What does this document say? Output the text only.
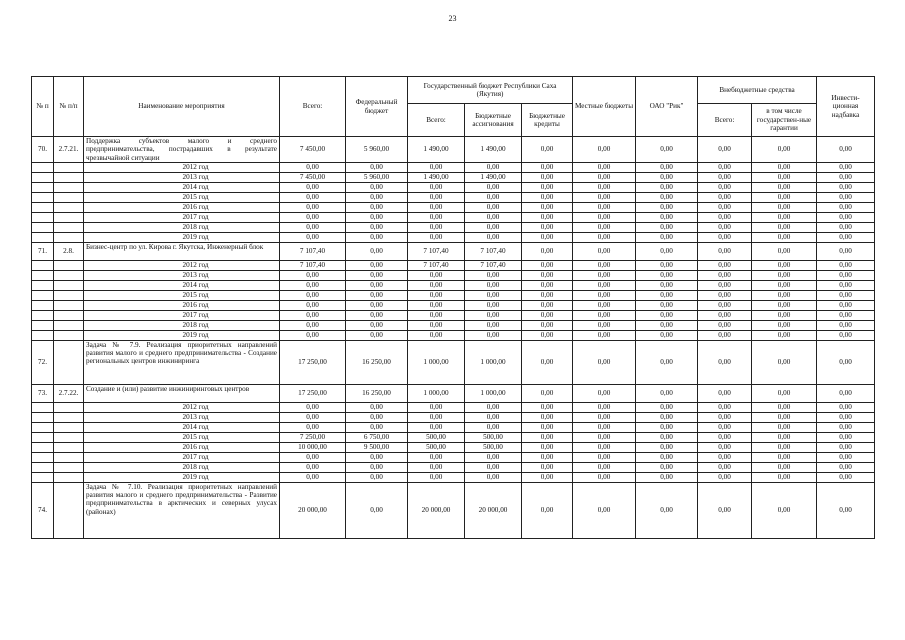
23
№ п	№ п/п	Наименование мероприятия	Всего:	Федеральный бюджет	Государственный бюджет Республики Саха (Якутия)			Местные бюджеты	ОАО "Рик"	Внебюджетные средства		Инвести-ционная надбавка
					Всего:	Бюджетные ассигнования	Бюджетные кредиты			Всего:	в том числе государствен-ные гарантии	
70.	2.7.21.	Поддержка субъектов малого и среднего предпринимательства, пострадавших в результате чрезвычайной ситуации	7 450,00	5 960,00	1 490,00	1 490,00	0,00	0,00	0,00	0,00	0,00	0,00
		2012 год	0,00	0,00	0,00	0,00	0,00	0,00	0,00	0,00	0,00	0,00
		2013 год	7 450,00	5 960,00	1 490,00	1 490,00	0,00	0,00	0,00	0,00	0,00	0,00
		2014 год	0,00	0,00	0,00	0,00	0,00	0,00	0,00	0,00	0,00	0,00
		2015 год	0,00	0,00	0,00	0,00	0,00	0,00	0,00	0,00	0,00	0,00
		2016 год	0,00	0,00	0,00	0,00	0,00	0,00	0,00	0,00	0,00	0,00
		2017 год	0,00	0,00	0,00	0,00	0,00	0,00	0,00	0,00	0,00	0,00
		2018 год	0,00	0,00	0,00	0,00	0,00	0,00	0,00	0,00	0,00	0,00
		2019 год	0,00	0,00	0,00	0,00	0,00	0,00	0,00	0,00	0,00	0,00
71.	2.8.	Бизнес-центр по ул. Кирова г. Якутска, Инженерный блок	7 107,40	0,00	7 107,40	7 107,40	0,00	0,00	0,00	0,00	0,00	0,00
		2012 год	7 107,40	0,00	7 107,40	7 107,40	0,00	0,00	0,00	0,00	0,00	0,00
		2013 год	0,00	0,00	0,00	0,00	0,00	0,00	0,00	0,00	0,00	0,00
		2014 год	0,00	0,00	0,00	0,00	0,00	0,00	0,00	0,00	0,00	0,00
		2015 год	0,00	0,00	0,00	0,00	0,00	0,00	0,00	0,00	0,00	0,00
		2016 год	0,00	0,00	0,00	0,00	0,00	0,00	0,00	0,00	0,00	0,00
		2017 год	0,00	0,00	0,00	0,00	0,00	0,00	0,00	0,00	0,00	0,00
		2018 год	0,00	0,00	0,00	0,00	0,00	0,00	0,00	0,00	0,00	0,00
		2019 год	0,00	0,00	0,00	0,00	0,00	0,00	0,00	0,00	0,00	0,00
72.		Задача № 7.9. Реализация приоритетных направлений развития малого и среднего предпринимательства - Создание региональных центров инжиниринга	17 250,00	16 250,00	1 000,00	1 000,00	0,00	0,00	0,00	0,00	0,00	0,00
73.	2.7.22.	Создание и (или) развитие инжиниринговых центров	17 250,00	16 250,00	1 000,00	1 000,00	0,00	0,00	0,00	0,00	0,00	0,00
		2012 год	0,00	0,00	0,00	0,00	0,00	0,00	0,00	0,00	0,00	0,00
		2013 год	0,00	0,00	0,00	0,00	0,00	0,00	0,00	0,00	0,00	0,00
		2014 год	0,00	0,00	0,00	0,00	0,00	0,00	0,00	0,00	0,00	0,00
		2015 год	7 250,00	6 750,00	500,00	500,00	0,00	0,00	0,00	0,00	0,00	0,00
		2016 год	10 000,00	9 500,00	500,00	500,00	0,00	0,00	0,00	0,00	0,00	0,00
		2017 год	0,00	0,00	0,00	0,00	0,00	0,00	0,00	0,00	0,00	0,00
		2018 год	0,00	0,00	0,00	0,00	0,00	0,00	0,00	0,00	0,00	0,00
		2019 год	0,00	0,00	0,00	0,00	0,00	0,00	0,00	0,00	0,00	0,00
74.		Задача № 7.10. Реализация приоритетных направлений развития малого и среднего предпринимательства - Развитие предпринимательства в арктических и северных улусах (районах)	20 000,00	0,00	20 000,00	20 000,00	0,00	0,00	0,00	0,00	0,00	0,00
